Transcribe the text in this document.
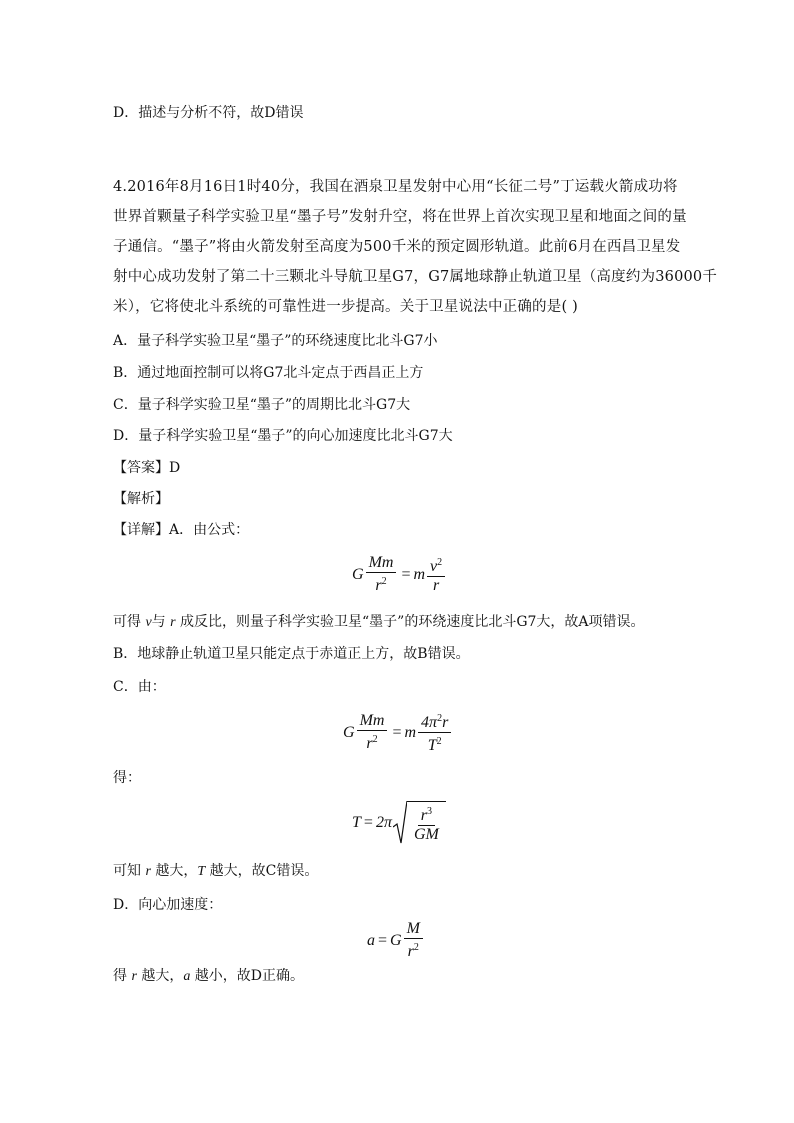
D．描述与分析不符，故D错误
4.2016年8月16日1时40分，我国在酒泉卫星发射中心用“长征二号”丁运载火箭成功将
世界首颗量子科学实验卫星“墨子号”发射升空，将在世界上首次实现卫星和地面之间的量
子通信。“墨子”将由火箭发射至高度为500千米的预定圆形轨道。此前6月在西昌卫星发
射中心成功发射了第二十三颗北斗导航卫星G7，G7属地球静止轨道卫星（高度约为36000千
米），它将使北斗系统的可靠性进一步提高。关于卫星说法中正确的是( )
A．量子科学实验卫星“墨子”的环绕速度比北斗G7小
B．通过地面控制可以将G7北斗定点于西昌正上方
C．量子科学实验卫星“墨子”的周期比北斗G7大
D．量子科学实验卫星“墨子”的向心加速度比北斗G7大
【答案】D
【解析】
【详解】A．由公式：
G $\frac{Mm}{r^2} = m \frac{v^2}{r}$
可得 v与 r 成反比，则量子科学实验卫星“墨子”的环绕速度比北斗G7大，故A项错误。
B．地球静止轨道卫星只能定点于赤道正上方，故B错误。
C．由：
G $\frac{Mm}{r^2} = m \frac{4\pi^2r}{T^2}$
得：
$T = 2\pi \frac{r^3}{GM}$
可知 r 越大，T 越大，故C错误。
D．向心加速度：
a = G $\frac{M}{r^2}$
得 r 越大，a 越小，故D正确。
